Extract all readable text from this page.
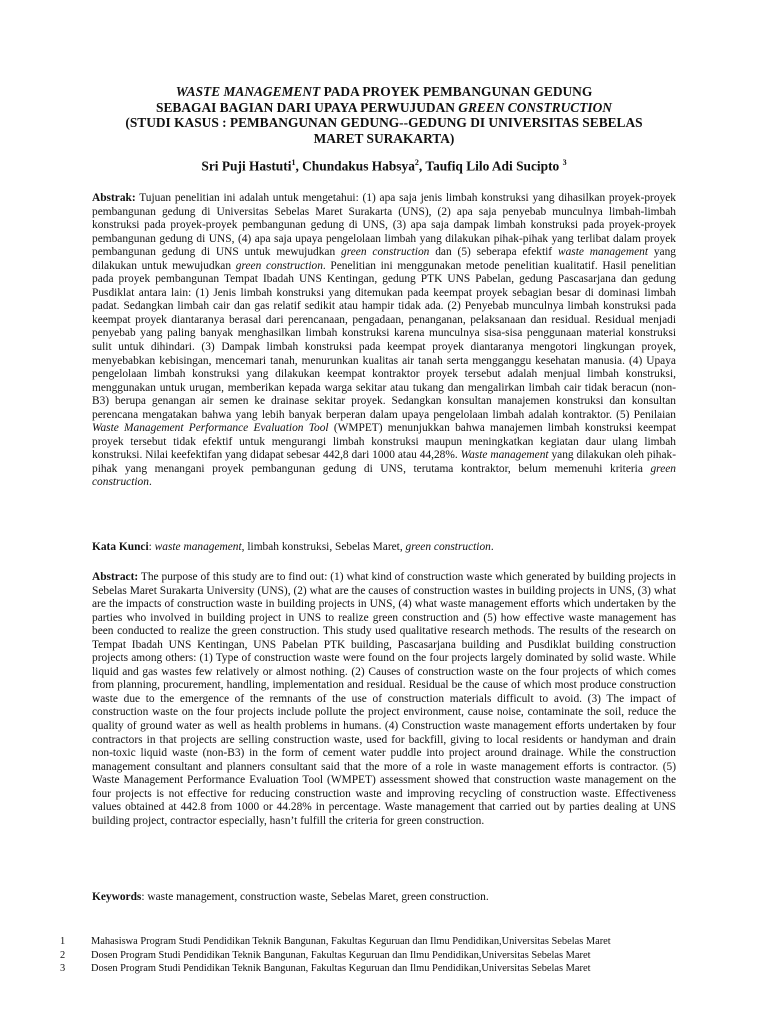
WASTE MANAGEMENT PADA PROYEK PEMBANGUNAN GEDUNG
SEBAGAI BAGIAN DARI UPAYA PERWUJUDAN GREEN CONSTRUCTION
(STUDI KASUS : PEMBANGUNAN GEDUNG--GEDUNG DI UNIVERSITAS SEBELAS
MARET SURAKARTA)
Sri Puji Hastuti$^1$, Chundakus Habsya$^2$, Taufiq Lilo Adi Sucipto $^3$

Abstrak: Tujuan penelitian ini adalah untuk mengetahui: (1) apa saja jenis limbah konstruksi yang dihasilkan proyek-proyek pembangunan gedung di Universitas Sebelas Maret Surakarta (UNS), (2) apa saja penyebab munculnya limbah-limbah konstruksi pada proyek-proyek pembangunan gedung di UNS, (3) apa saja dampak limbah konstruksi pada proyek-proyek pembangunan gedung di UNS, (4) apa saja upaya pengelolaan limbah yang dilakukan pihak-pihak yang terlibat dalam proyek pembangunan gedung di UNS untuk mewujudkan green construction dan (5) seberapa efektif waste management yang dilakukan untuk mewujudkan green construction. Penelitian ini menggunakan metode penelitian kualitatif. Hasil penelitian pada proyek pembangunan Tempat Ibadah UNS Kentingan, gedung PTK UNS Pabelan, gedung Pascasarjana dan gedung Pusdiklat antara lain: (1) Jenis limbah konstruksi yang ditemukan pada keempat proyek sebagian besar di dominasi limbah padat. Sedangkan limbah cair dan gas relatif sedikit atau hampir tidak ada. (2) Penyebab munculnya limbah konstruksi pada keempat proyek diantaranya berasal dari perencanaan, pengadaan, penanganan, pelaksanaan dan residual. Residual menjadi penyebab yang paling banyak menghasilkan limbah konstruksi karena munculnya sisa-sisa penggunaan material konstruksi sulit untuk dihindari. (3) Dampak limbah konstruksi pada keempat proyek diantaranya mengotori lingkungan proyek, menyebabkan kebisingan, mencemari tanah, menurunkan kualitas air tanah serta mengganggu kesehatan manusia. (4) Upaya pengelolaan limbah konstruksi yang dilakukan keempat kontraktor proyek tersebut adalah menjual limbah konstruksi, menggunakan untuk urugan, memberikan kepada warga sekitar atau tukang dan mengalirkan limbah cair tidak beracun (non-B3) berupa genangan air semen ke drainase sekitar proyek. Sedangkan konsultan manajemen konstruksi dan konsultan perencana mengatakan bahwa yang lebih banyak berperan dalam upaya pengelolaan limbah adalah kontraktor. (5) Penilaian Waste Management Performance Evaluation Tool (WMPET) menunjukkan bahwa manajemen limbah konstruksi keempat proyek tersebut tidak efektif untuk mengurangi limbah konstruksi maupun meningkatkan kegiatan daur ulang limbah konstruksi. Nilai keefektifan yang didapat sebesar 442,8 dari 1000 atau 44,28%. Waste management yang dilakukan oleh pihak-pihak yang menangani proyek pembangunan gedung di UNS, terutama kontraktor, belum memenuhi kriteria green construction.

Kata Kunci: waste management, limbah konstruksi, Sebelas Maret, green construction.

Abstract: The purpose of this study are to find out: (1) what kind of construction waste which generated by building projects in Sebelas Maret Surakarta University (UNS), (2) what are the causes of construction wastes in building projects in UNS, (3) what are the impacts of construction waste in building projects in UNS, (4) what waste management efforts which undertaken by the parties who involved in building project in UNS to realize green construction and (5) how effective waste management has been conducted to realize the green construction. This study used qualitative research methods. The results of the research on Tempat Ibadah UNS Kentingan, UNS Pabelan PTK building, Pascasarjana building and Pusdiklat building construction projects among others: (1) Type of construction waste were found on the four projects largely dominated by solid waste. While liquid and gas wastes few relatively or almost nothing. (2) Causes of construction waste on the four projects of which comes from planning, procurement, handling, implementation and residual. Residual be the cause of which most produce construction waste due to the emergence of the remnants of the use of construction materials difficult to avoid. (3) The impact of construction waste on the four projects include pollute the project environment, cause noise, contaminate the soil, reduce the quality of ground water as well as health problems in humans. (4) Construction waste management efforts undertaken by four contractors in that projects are selling construction waste, used for backfill, giving to local residents or handyman and drain non-toxic liquid waste (non-B3) in the form of cement water puddle into project around drainage. While the construction management consultant and planners consultant said that the more of a role in waste management efforts is contractor. (5) Waste Management Performance Evaluation Tool (WMPET) assessment showed that construction waste management on the four projects is not effective for reducing construction waste and improving recycling of construction waste. Effectiveness values obtained at 442.8 from 1000 or 44.28% in percentage. Waste management that carried out by parties dealing at UNS building project, contractor especially, hasn’t fulfill the criteria for green construction.

Keywords: waste management, construction waste, Sebelas Maret, green construction.

1	Mahasiswa Program Studi Pendidikan Teknik Bangunan, Fakultas Keguruan dan Ilmu Pendidikan,Universitas Sebelas Maret
2	Dosen Program Studi Pendidikan Teknik Bangunan, Fakultas Keguruan dan Ilmu Pendidikan,Universitas Sebelas Maret
3	Dosen Program Studi Pendidikan Teknik Bangunan, Fakultas Keguruan dan Ilmu Pendidikan,Universitas Sebelas Maret
